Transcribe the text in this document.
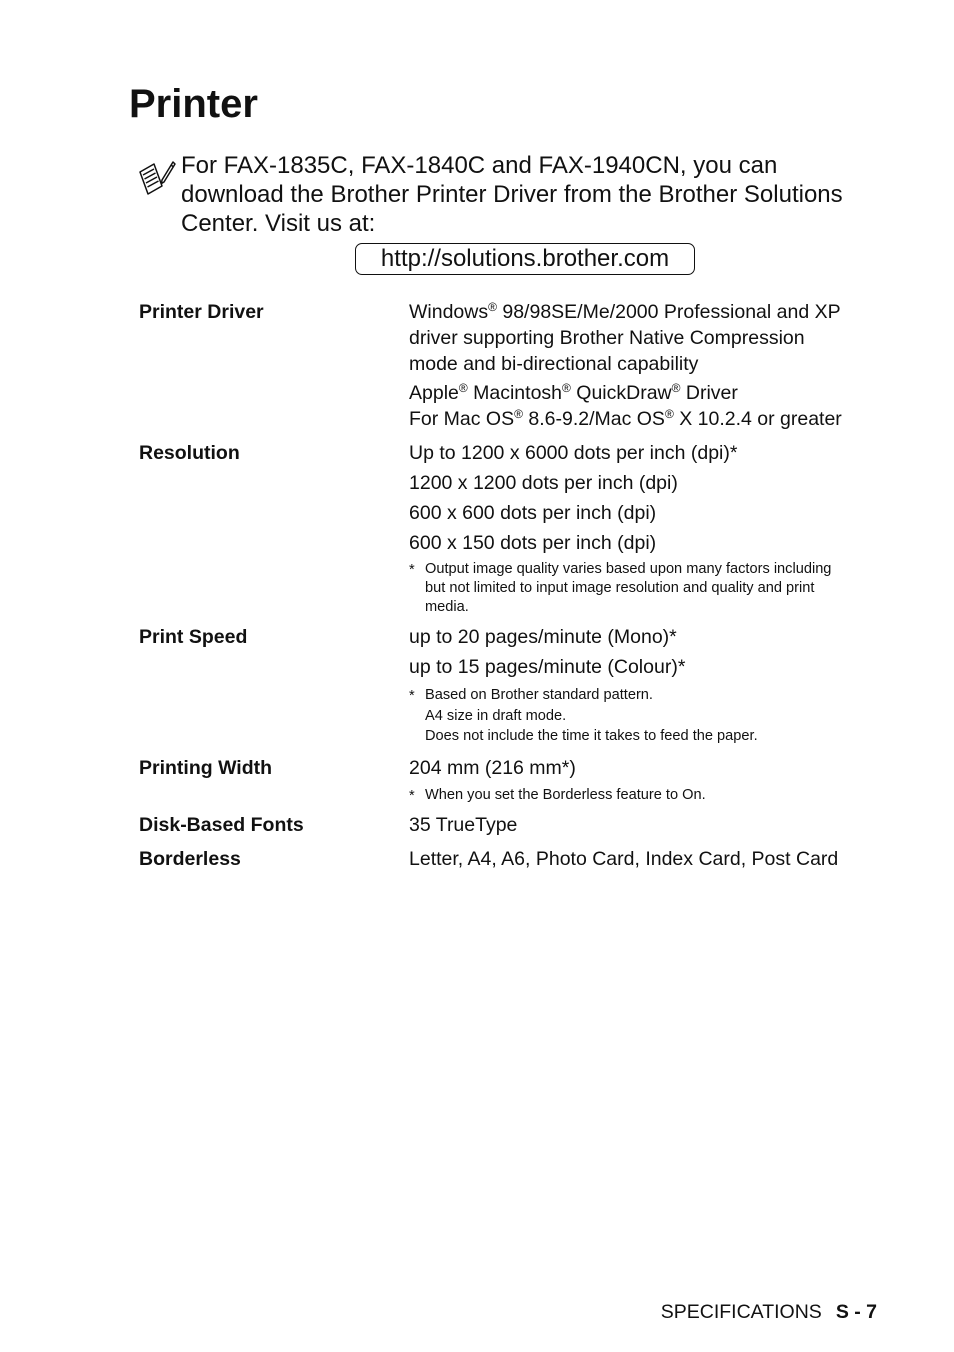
Printer
For FAX-1835C, FAX-1840C and FAX-1940CN, you can
download the Brother Printer Driver from the Brother Solutions
Center. Visit us at:
http://solutions.brother.com
Printer Driver	Windows® 98/98SE/Me/2000 Professional and XP
driver supporting Brother Native Compression
mode and bi-directional capability
Apple® Macintosh® QuickDraw® Driver
For Mac OS® 8.6-9.2/Mac OS® X 10.2.4 or greater
Resolution	Up to 1200 x 6000 dots per inch (dpi)*
1200 x 1200 dots per inch (dpi)
600 x 600 dots per inch (dpi)
600 x 150 dots per inch (dpi)
* Output image quality varies based upon many factors including
but not limited to input image resolution and quality and print
media.
Print Speed	up to 20 pages/minute (Mono)*
up to 15 pages/minute (Colour)*
* Based on Brother standard pattern.
A4 size in draft mode.
Does not include the time it takes to feed the paper.
Printing Width	204 mm (216 mm*)
* When you set the Borderless feature to On.
Disk-Based Fonts	35 TrueType
Borderless	Letter, A4, A6, Photo Card, Index Card, Post Card
SPECIFICATIONS S - 7
